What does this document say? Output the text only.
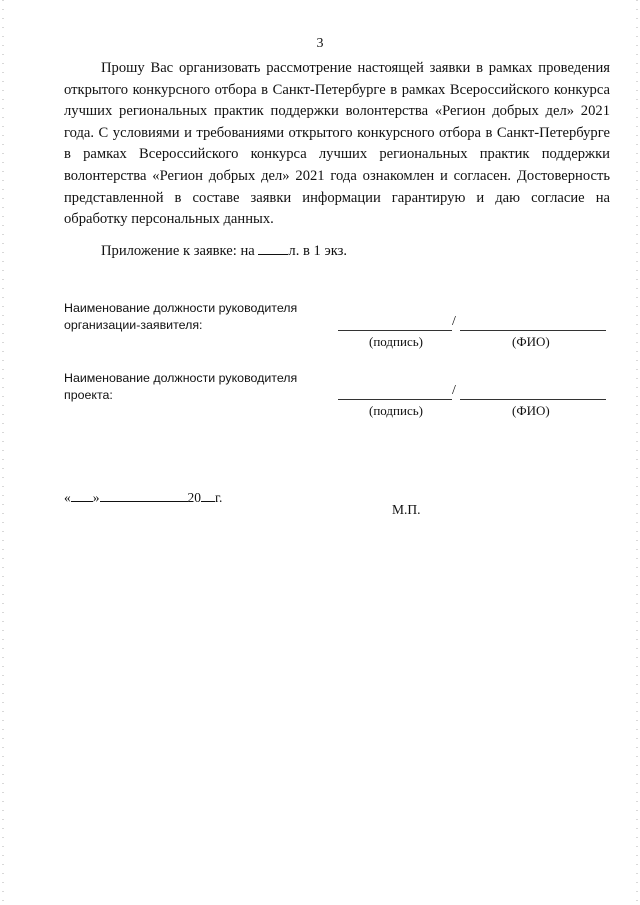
3

Прошу Вас организовать рассмотрение настоящей заявки в рамках проведения открытого конкурсного отбора в Санкт-Петербурге в рамках Всероссийского конкурса лучших региональных практик поддержки волонтерства «Регион добрых дел» 2021 года. С условиями и требованиями открытого конкурсного отбора в Санкт-Петербурге в рамках Всероссийского конкурса лучших региональных практик поддержки волонтерства «Регион добрых дел» 2021 года ознакомлен и согласен. Достоверность представленной в составе заявки информации гарантирую и даю согласие на обработку персональных данных.

Приложение к заявке: на л. в 1 экз.
Наименование должности руководителя
организации-заявителя:	/
(подпись)	(ФИО)
Наименование должности руководителя
проекта:	/
(подпись)	(ФИО)
« »	20 г.
М.П.
